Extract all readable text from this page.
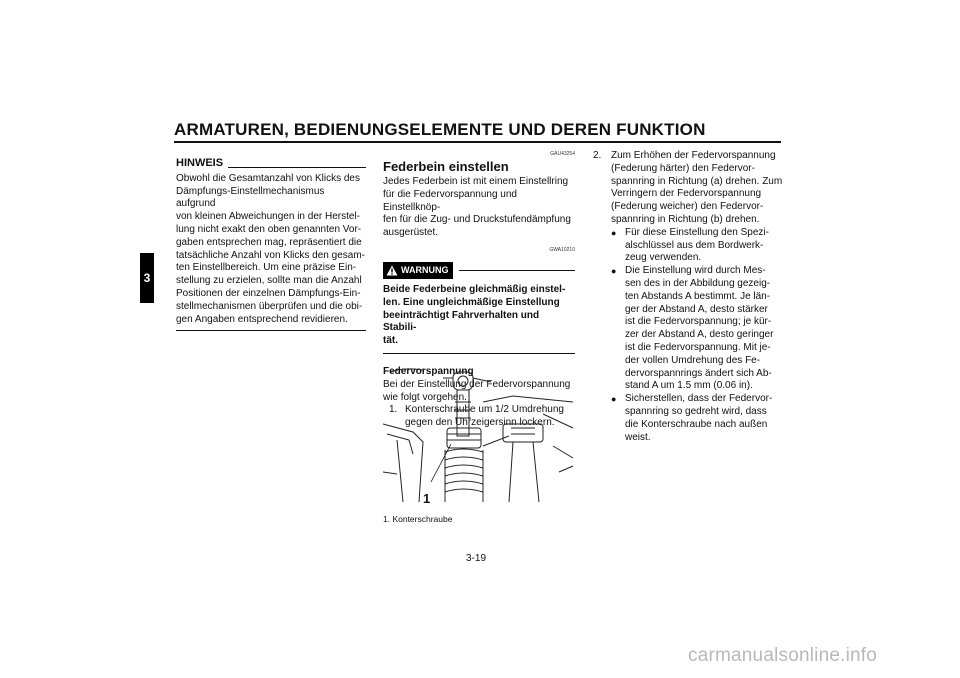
ARMATUREN, BEDIENUNGSELEMENTE UND DEREN FUNKTION
3
HINWEIS
Obwohl die Gesamtanzahl von Klicks des
Dämpfungs-Einstellmechanismus aufgrund
von kleinen Abweichungen in der Herstel-
lung nicht exakt den oben genannten Vor-
gaben entsprechen mag, repräsentiert die
tatsächliche Anzahl von Klicks den gesam-
ten Einstellbereich. Um eine präzise Ein-
stellung zu erzielen, sollte man die Anzahl
Positionen der einzelnen Dämpfungs-Ein-
stellmechanismen überprüfen und die obi-
gen Angaben entsprechend revidieren.
GAU43254
Federbein einstellen
Jedes Federbein ist mit einem Einstellring
für die Federvorspannung und Einstellknöp-
fen für die Zug- und Druckstufendämpfung
ausgerüstet.
GWA10210
WARNUNG
Beide Federbeine gleichmäßig einstel-
len. Eine ungleichmäßige Einstellung
beeinträchtigt Fahrverhalten und Stabili-
tät.
Federvorspannung
Bei der Einstellung der Federvorspannung
wie folgt vorgehen.
1. Konterschraube um 1/2 Umdrehung
gegen den Uhrzeigersinn lockern.
1
1. Konterschraube
2. Zum Erhöhen der Federvorspannung
(Federung härter) den Federvor-
spannring in Richtung (a) drehen. Zum
Verringern der Federvorspannung
(Federung weicher) den Federvor-
spannring in Richtung (b) drehen.
● Für diese Einstellung den Spezi-
alschlüssel aus dem Bordwerk-
zeug verwenden.
● Die Einstellung wird durch Mes-
sen des in der Abbildung gezeig-
ten Abstands A bestimmt. Je län-
ger der Abstand A, desto stärker
ist die Federvorspannung; je kür-
zer der Abstand A, desto geringer
ist die Federvorspannung. Mit je-
der vollen Umdrehung des Fe-
dervorspannrings ändert sich Ab-
stand A um 1.5 mm (0.06 in).
● Sicherstellen, dass der Federvor-
spannring so gedreht wird, dass
die Konterschraube nach außen
weist.
3-19
carmanualsonline.info
